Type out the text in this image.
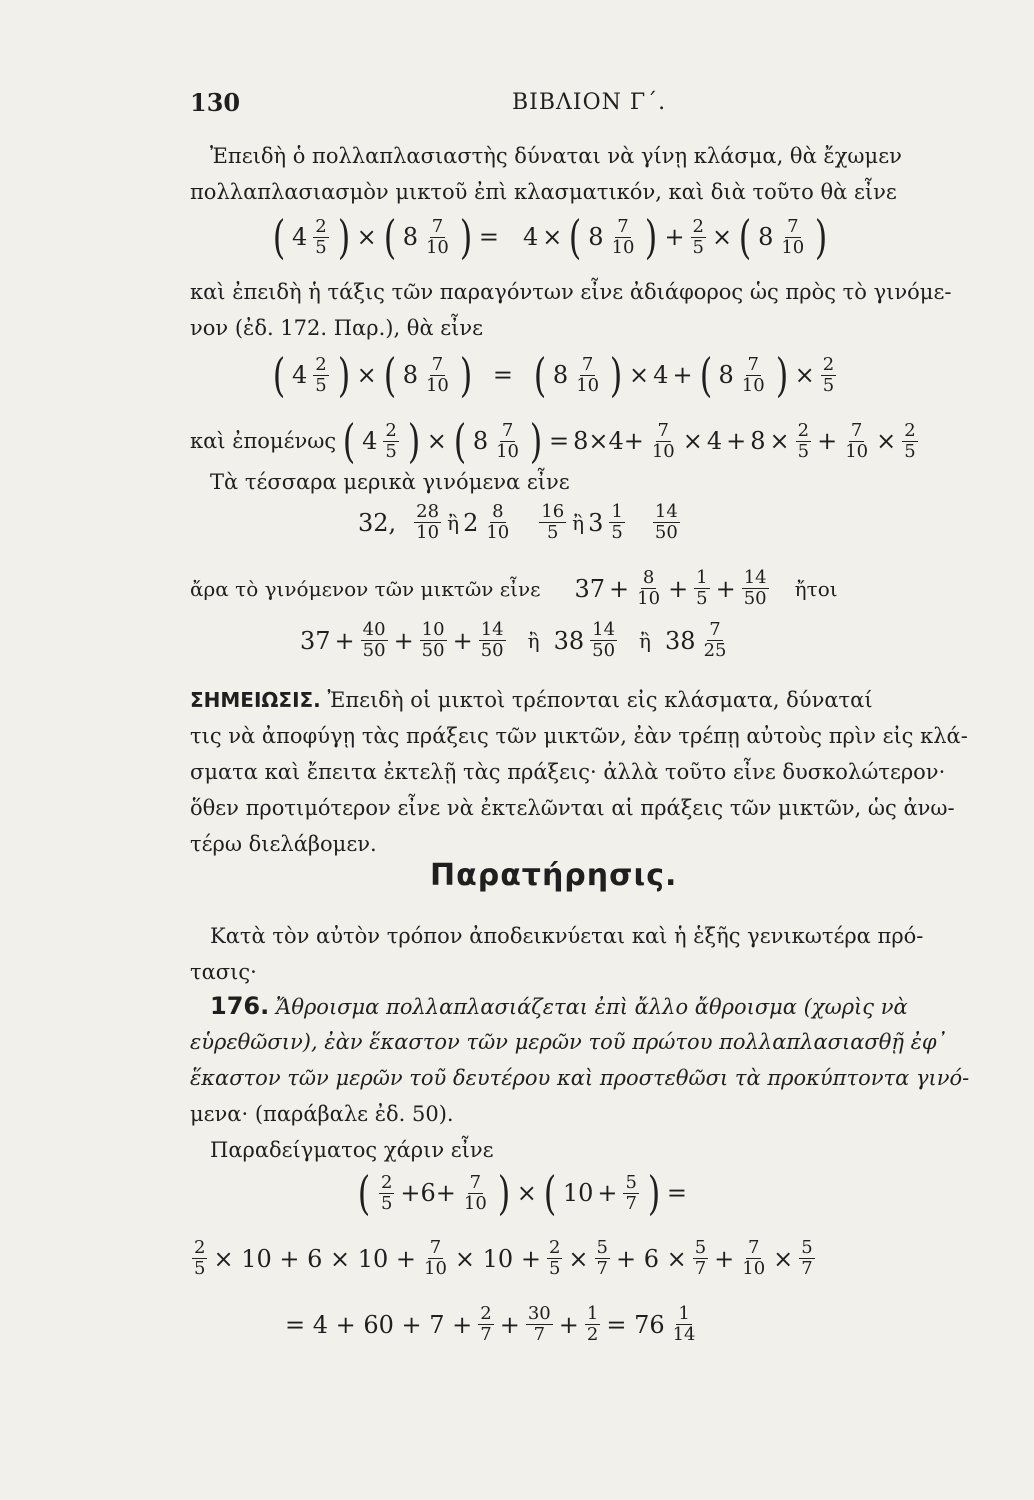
130	ΒΙΒΛΙΟΝ Γ΄.
Ἐπειδὴ ὁ πολλαπλασιαστὴς δύναται νὰ γίνῃ κλάσμα, θὰ ἔχωμεν
πολλαπλασιασμὸν μικτοῦ ἐπὶ κλασματικόν, καὶ διὰ τοῦτο θὰ εἶνε
( $4 \frac{2}{5}$ ) × ( $8 \frac{7}{10}$ ) = 4 × ( $8 \frac{7}{10}$ ) + $\frac{2}{5}$ × ( $8 \frac{7}{10}$ )
καὶ ἐπειδὴ ἡ τάξις τῶν παραγόντων εἶνε ἀδιάφορος ὡς πρὸς τὸ γινόμε-
νον (ἐδ. 172. Παρ.), θὰ εἶνε
( $4 \frac{2}{5}$ ) × ( $8 \frac{7}{10}$ ) = ( $8 \frac{7}{10}$ ) × 4 + ( $8 \frac{7}{10}$ ) × $\frac{2}{5}$
καὶ ἐπομένως ( $4 \frac{2}{5}$ ) × ( $8 \frac{7}{10}$ ) = $8\times 4+ \frac{7}{10} \times 4 + 8 \times \frac{2}{5} + \frac{7}{10} \times \frac{2}{5}$
Τὰ τέσσαρα μερικὰ γινόμενα εἶνε
32, $\frac{28}{10}$ ἢ $2 \frac{8}{10} \frac{16}{5}$ ἢ $3 \frac{1}{5} \frac{14}{50}$
ἄρα τὸ γινόμενον τῶν μικτῶν εἶνε $37 + \frac{8}{10} + \frac{1}{5} + \frac{14}{50}$ ἤτοι
$37 + \frac{40}{50} + \frac{10}{50} + \frac{14}{50}$ ἢ $38 \frac{14}{50}$ ἢ $38 \frac{7}{25}$
ΣΗΜΕΙΩΣΙΣ. Ἐπειδὴ οἱ μικτοὶ τρέπονται εἰς κλάσματα, δύναταί
τις νὰ ἀποφύγῃ τὰς πράξεις τῶν μικτῶν, ἐὰν τρέπῃ αὐτοὺς πρὶν εἰς κλά-
σματα καὶ ἔπειτα ἐκτελῇ τὰς πράξεις· ἀλλὰ τοῦτο εἶνε δυσκολώτερον·
ὅθεν προτιμότερον εἶνε νὰ ἐκτελῶνται αἱ πράξεις τῶν μικτῶν, ὡς ἀνω-
τέρω διελάβομεν.
Παρατήρησις.
Κατὰ τὸν αὐτὸν τρόπον ἀποδεικνύεται καὶ ἡ ἑξῆς γενικωτέρα πρό-
τασις·
176. Ἄθροισμα πολλαπλασιάζεται ἐπὶ ἄλλο ἄθροισμα (χωρὶς νὰ
εὑρεθῶσιν), ἐὰν ἕκαστον τῶν μερῶν τοῦ πρώτου πολλαπλασιασθῇ ἐφ᾽
ἕκαστον τῶν μερῶν τοῦ δευτέρου καὶ προστεθῶσι τὰ προκύπτοντα γινό-
μενα· (παράβαλε ἐδ. 50).
Παραδείγματος χάριν εἶνε
( $\frac{2}{5} +6+ \frac{7}{10}$ ) × ( $10 + \frac{5}{7}$ ) =
$\frac{2}{5} \times 10 + 6 \times 10 + \frac{7}{10} \times 10 + \frac{2}{5} \times \frac{5}{7} + 6 \times \frac{5}{7} + \frac{7}{10} \times \frac{5}{7}$
= $4 + 60 + 7 + \frac{2}{7} + \frac{30}{7} + \frac{1}{2} = 76 \frac{1}{14}$
